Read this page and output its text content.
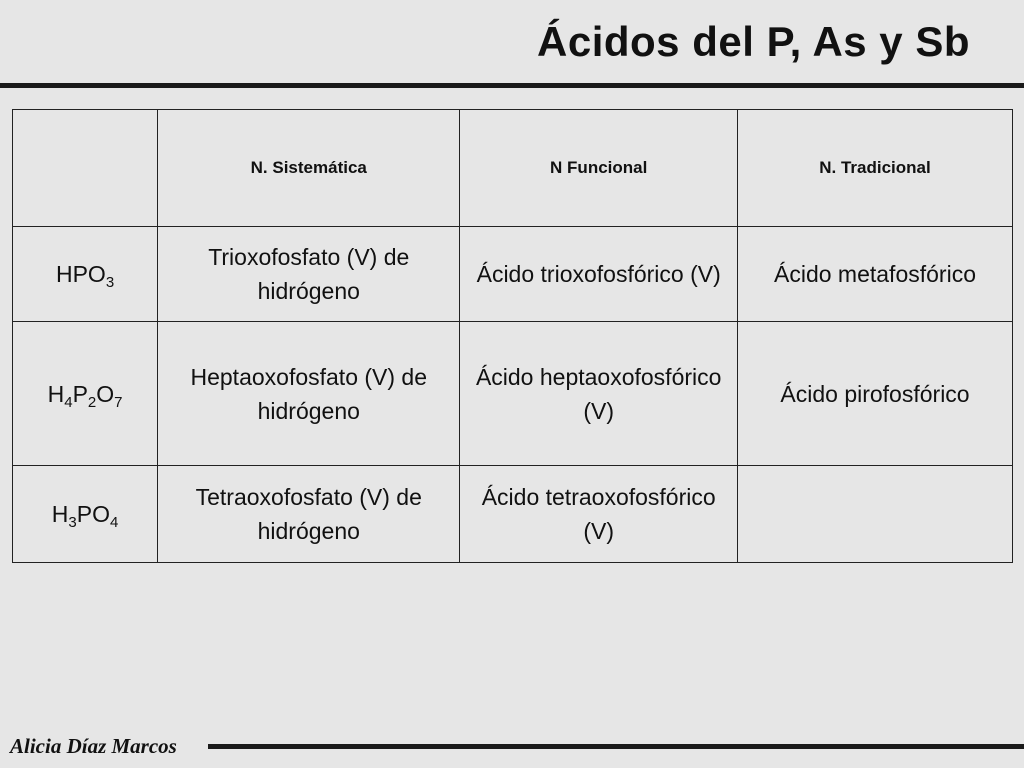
Ácidos del P, As y Sb
	N. Sistemática	N Funcional	N. Tradicional
$HPO_3$	Trioxofosfato (V) de hidrógeno	Ácido trioxofosfórico (V)	Ácido metafosfórico
$H_4P_2O_7$	Heptaoxofosfato (V) de hidrógeno	Ácido heptaoxofosfórico (V)	Ácido pirofosfórico
$H_3PO_4$	Tetraoxofosfato (V) de hidrógeno	Ácido tetraoxofosfórico (V)	
Alicia Díaz Marcos
